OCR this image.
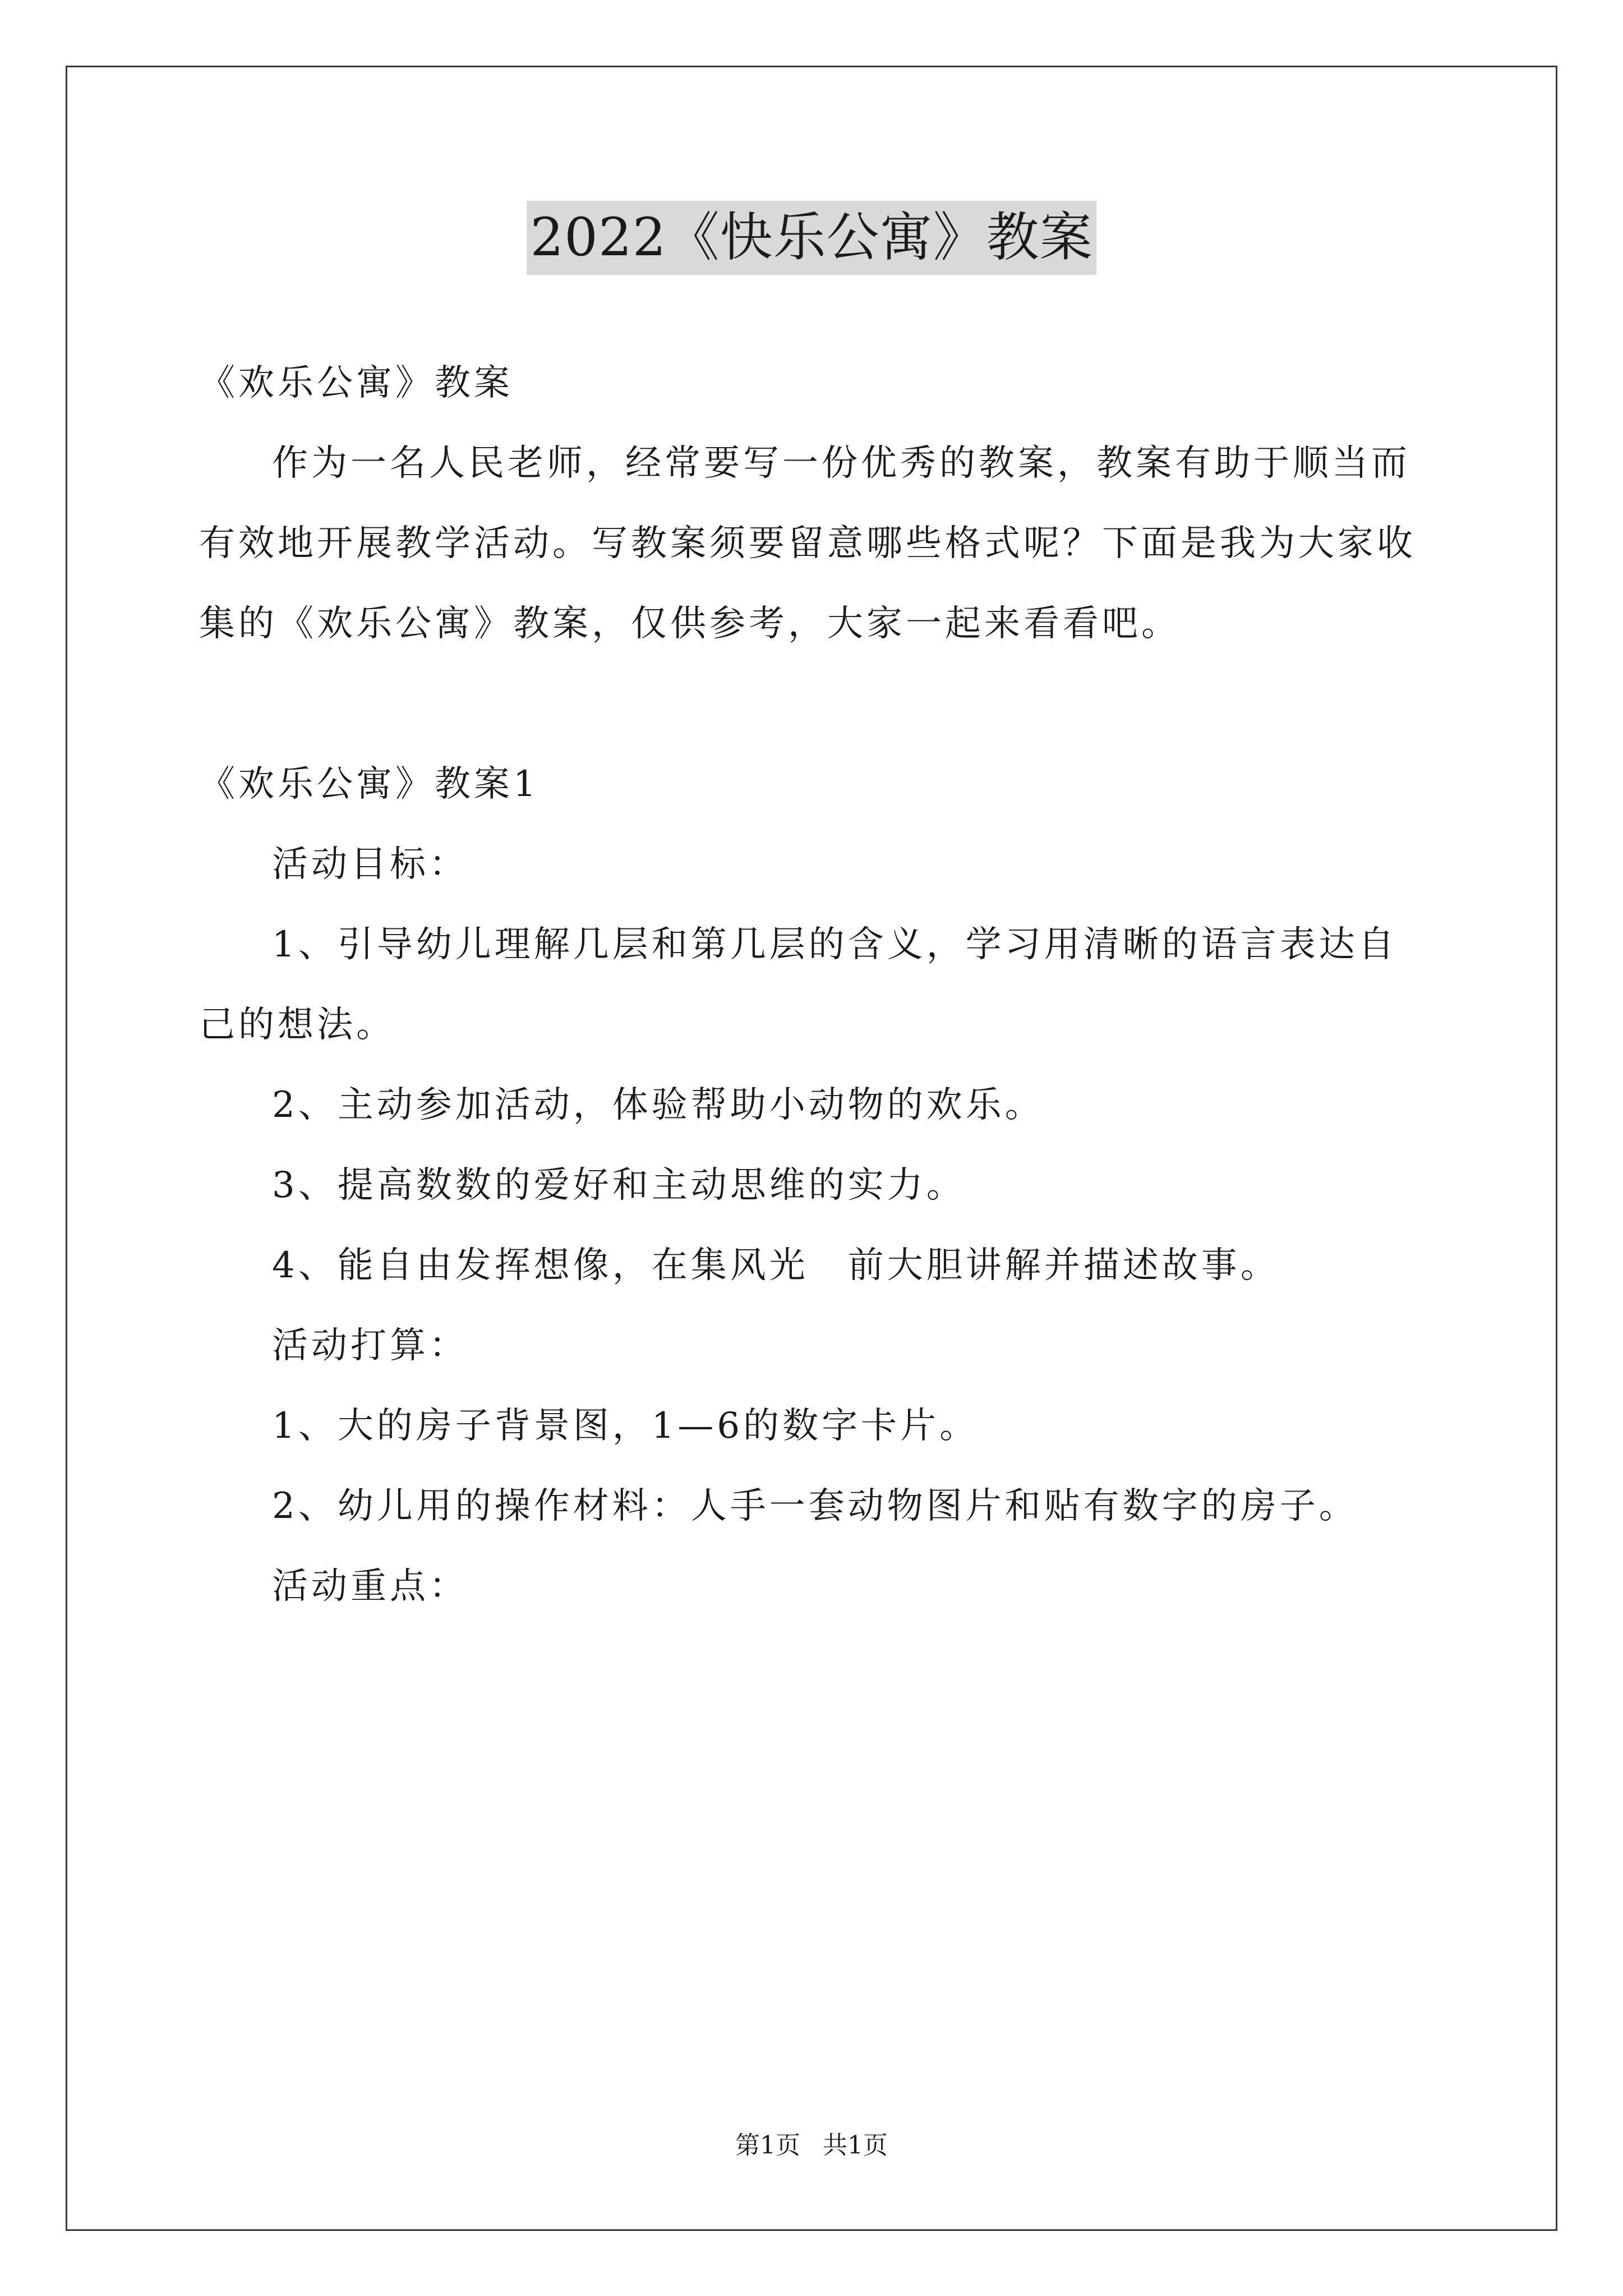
2022《快乐公寓》教案

《欢乐公寓》教案

作为一名人民老师，经常要写一份优秀的教案，教案有助于顺当而有效地开展教学活动。写教案须要留意哪些格式呢？下面是我为大家收集的《欢乐公寓》教案，仅供参考，大家一起来看看吧。

《欢乐公寓》教案1

活动目标：

1、引导幼儿理解几层和第几层的含义，学习用清晰的语言表达自己的想法。

2、主动参加活动，体验帮助小动物的欢乐。

3、提高数数的爱好和主动思维的实力。

4、能自由发挥想像，在集风光　前大胆讲解并描述故事。

活动打算：

1、大的房子背景图，1—6的数字卡片。

2、幼儿用的操作材料：人手一套动物图片和贴有数字的房子。

活动重点：

第1页 共1页
